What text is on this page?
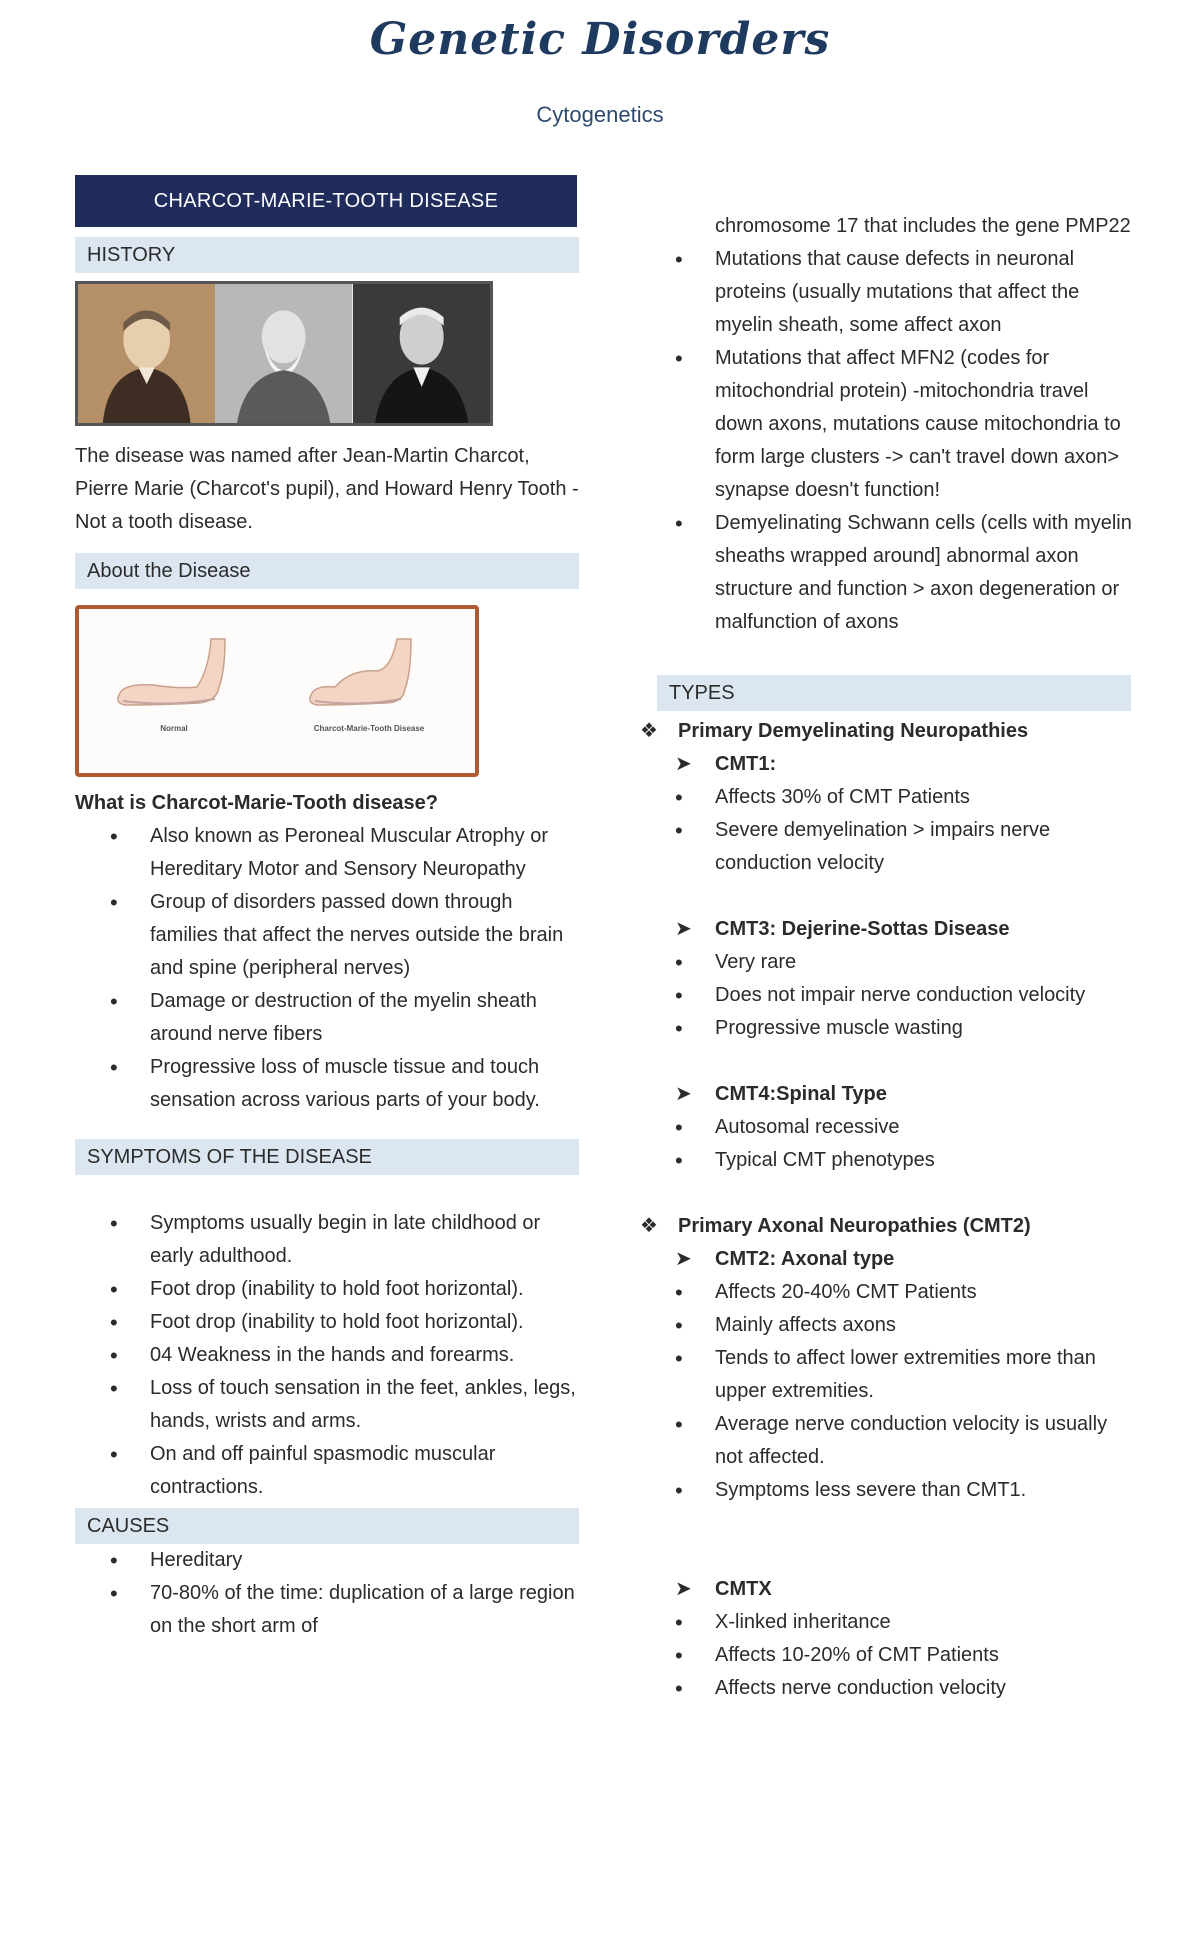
Genetic Disorders
Cytogenetics
CHARCOT-MARIE-TOOTH DISEASE
HISTORY

The disease was named after Jean-Martin Charcot, Pierre Marie (Charcot's pupil), and Howard Henry Tooth - Not a tooth disease.

About the Disease
Normal	Charcot-Marie-Tooth Disease
What is Charcot-Marie-Tooth disease?
• Also known as Peroneal Muscular Atrophy or Hereditary Motor and Sensory Neuropathy
• Group of disorders passed down through families that affect the nerves outside the brain and spine (peripheral nerves)
• Damage or destruction of the myelin sheath around nerve fibers
• Progressive loss of muscle tissue and touch sensation across various parts of your body.
SYMPTOMS OF THE DISEASE
• Symptoms usually begin in late childhood or early adulthood.
• Foot drop (inability to hold foot horizontal).
• Foot drop (inability to hold foot horizontal).
• 04 Weakness in the hands and forearms.
• Loss of touch sensation in the feet, ankles, legs, hands, wrists and arms.
• On and off painful spasmodic muscular contractions.
CAUSES
• Hereditary
• 70-80% of the time: duplication of a large region on the short arm of
chromosome 17 that includes the gene PMP22
• Mutations that cause defects in neuronal proteins (usually mutations that affect the myelin sheath, some affect axon
• Mutations that affect MFN2 (codes for mitochondrial protein) -mitochondria travel down axons, mutations cause mitochondria to form large clusters -> can't travel down axon> synapse doesn't function!
• Demyelinating Schwann cells (cells with myelin sheaths wrapped around] abnormal axon structure and function > axon degeneration or malfunction of axons
TYPES
❖ Primary Demyelinating Neuropathies
➤ CMT1:
• Affects 30% of CMT Patients
• Severe demyelination > impairs nerve conduction velocity
➤ CMT3: Dejerine-Sottas Disease
• Very rare
• Does not impair nerve conduction velocity
• Progressive muscle wasting
➤ CMT4:Spinal Type
• Autosomal recessive
• Typical CMT phenotypes
❖ Primary Axonal Neuropathies (CMT2)
➤ CMT2: Axonal type
• Affects 20-40% CMT Patients
• Mainly affects axons
• Tends to affect lower extremities more than upper extremities.
• Average nerve conduction velocity is usually not affected.
• Symptoms less severe than CMT1.
➤ CMTX
• X-linked inheritance
• Affects 10-20% of CMT Patients
• Affects nerve conduction velocity
